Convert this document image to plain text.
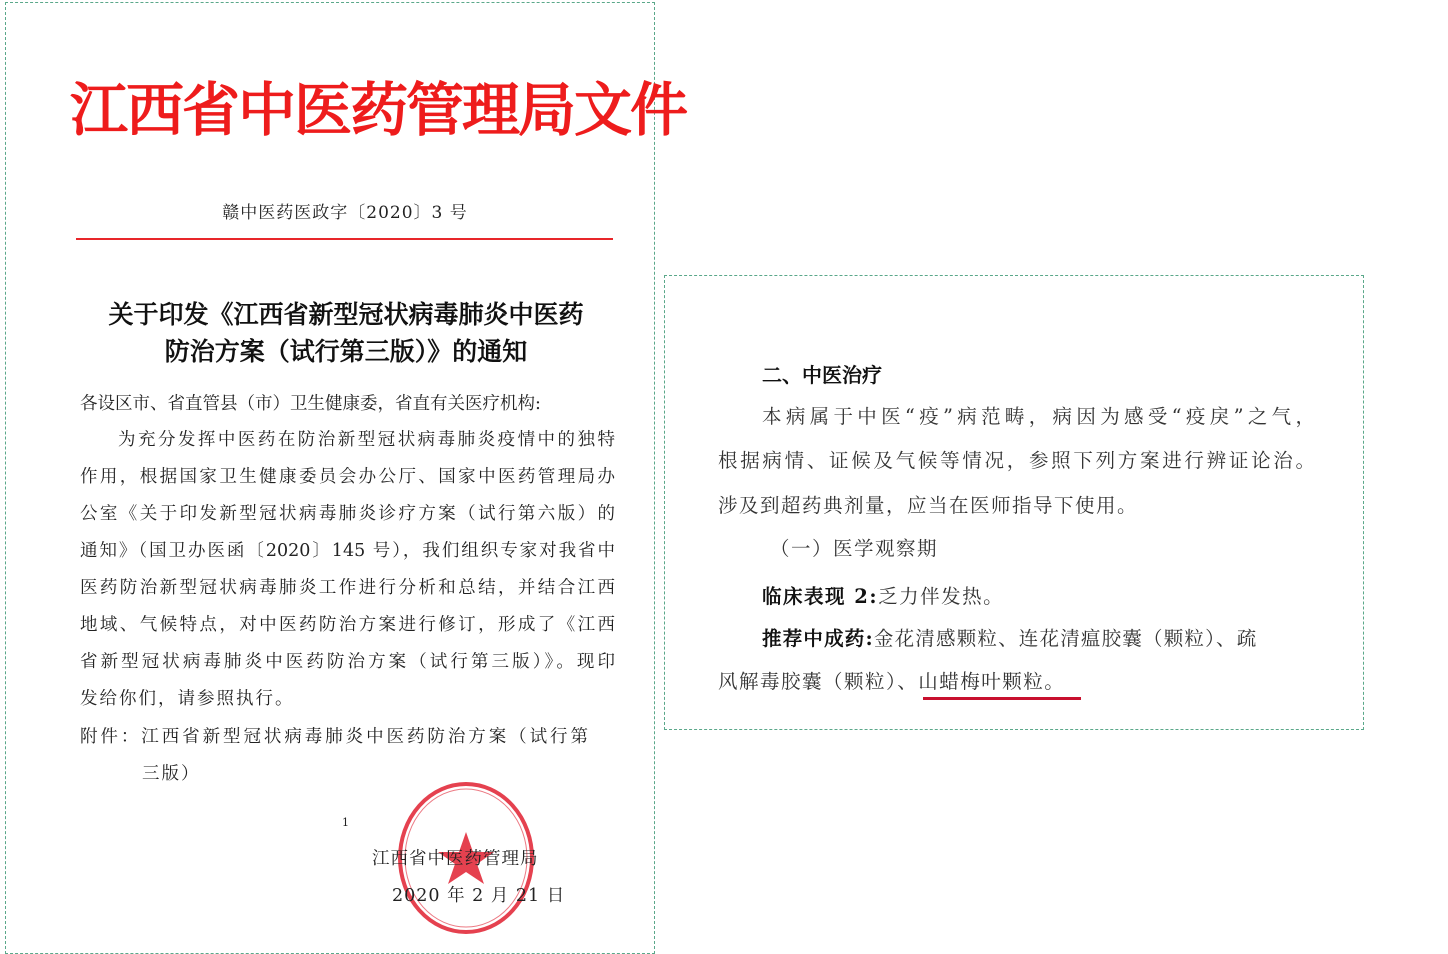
江西省中医药管理局文件
赣中医药医政字〔2020〕3 号
关于印发《江西省新型冠状病毒肺炎中医药
防治方案（试行第三版）》的通知
各设区市、省直管县（市）卫生健康委，省直有关医疗机构:
为充分发挥中医药在防治新型冠状病毒肺炎疫情中的独特
作用，根据国家卫生健康委员会办公厅、国家中医药管理局办
公室《关于印发新型冠状病毒肺炎诊疗方案（试行第六版）的
通知》（国卫办医函〔2020〕145 号），我们组织专家对我省中
医药防治新型冠状病毒肺炎工作进行分析和总结，并结合江西
地域、气候特点，对中医药防治方案进行修订，形成了《江西
省新型冠状病毒肺炎中医药防治方案（试行第三版）》。现印
发给你们，请参照执行。
附件：江西省新型冠状病毒肺炎中医药防治方案（试行第
三版）
1
江西省中医药管理局
2020 年 2 月 21 日
二、中医治疗
本病属于中医“疫”病范畴，病因为感受“疫戾”之气，
根据病情、证候及气候等情况，参照下列方案进行辨证论治。
涉及到超药典剂量，应当在医师指导下使用。
（一）医学观察期
临床表现 2:乏力伴发热。
推荐中成药:金花清感颗粒、连花清瘟胶囊（颗粒）、疏
风解毒胶囊（颗粒）、山蜡梅叶颗粒。
